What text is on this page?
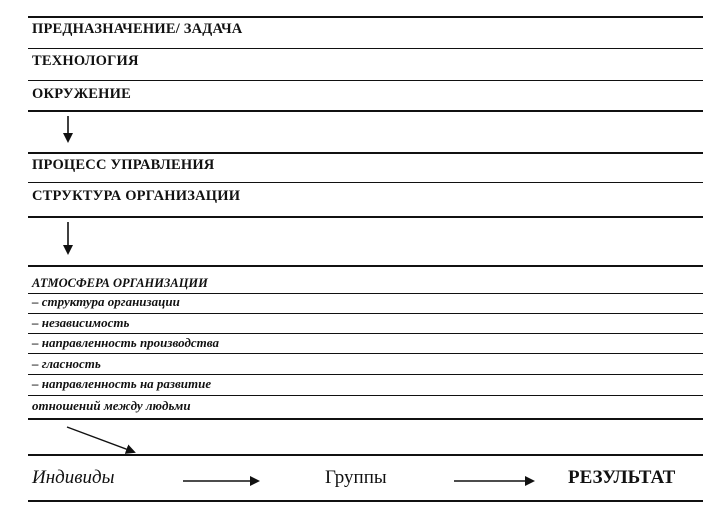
ПРЕДНАЗНАЧЕНИЕ/ ЗАДАЧА
ТЕХНОЛОГИЯ
ОКРУЖЕНИЕ
ПРОЦЕСС УПРАВЛЕНИЯ
СТРУКТУРА ОРГАНИЗАЦИИ
АТМОСФЕРА ОРГАНИЗАЦИИ
– структура организации
– независимость
– направленность производства
– гласность
– направленность на развитие
отношений между людьми
Индивиды	Группы	РЕЗУЛЬТАТ
